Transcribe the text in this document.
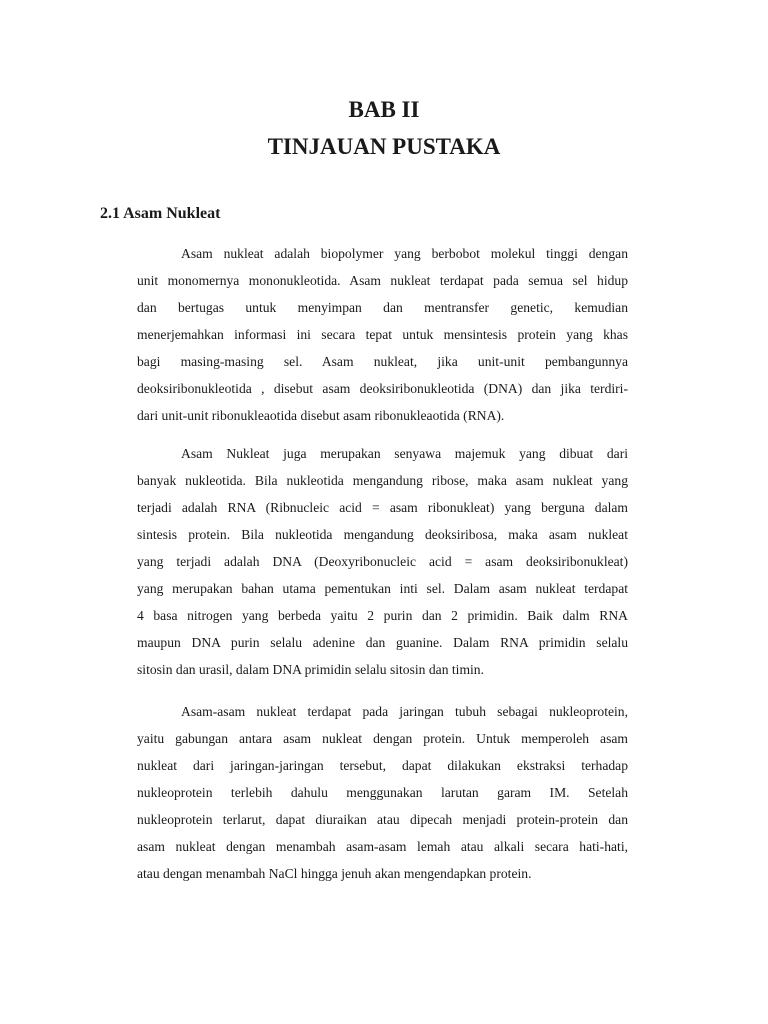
BAB II
TINJAUAN PUSTAKA
2.1 Asam Nukleat
Asam nukleat adalah biopolymer yang berbobot molekul tinggi dengan
unit monomernya mononukleotida. Asam nukleat terdapat pada semua sel hidup
dan bertugas untuk menyimpan dan mentransfer genetic, kemudian
menerjemahkan informasi ini secara tepat untuk mensintesis protein yang khas
bagi masing-masing sel. Asam nukleat, jika unit-unit pembangunnya
deoksiribonukleotida , disebut asam deoksiribonukleotida (DNA) dan jika terdiri-
dari unit-unit ribonukleaotida disebut asam ribonukleaotida (RNA).
Asam Nukleat juga merupakan senyawa majemuk yang dibuat dari
banyak nukleotida. Bila nukleotida mengandung ribose, maka asam nukleat yang
terjadi adalah RNA (Ribnucleic acid = asam ribonukleat) yang berguna dalam
sintesis protein. Bila nukleotida mengandung deoksiribosa, maka asam nukleat
yang terjadi adalah DNA (Deoxyribonucleic acid = asam deoksiribonukleat)
yang merupakan bahan utama pementukan inti sel. Dalam asam nukleat terdapat
4 basa nitrogen yang berbeda yaitu 2 purin dan 2 primidin. Baik dalm RNA
maupun DNA purin selalu adenine dan guanine. Dalam RNA primidin selalu
sitosin dan urasil, dalam DNA primidin selalu sitosin dan timin.
Asam-asam nukleat terdapat pada jaringan tubuh sebagai nukleoprotein,
yaitu gabungan antara asam nukleat dengan protein. Untuk memperoleh asam
nukleat dari jaringan-jaringan tersebut, dapat dilakukan ekstraksi terhadap
nukleoprotein terlebih dahulu menggunakan larutan garam IM. Setelah
nukleoprotein terlarut, dapat diuraikan atau dipecah menjadi protein-protein dan
asam nukleat dengan menambah asam-asam lemah atau alkali secara hati-hati,
atau dengan menambah NaCl hingga jenuh akan mengendapkan protein.
